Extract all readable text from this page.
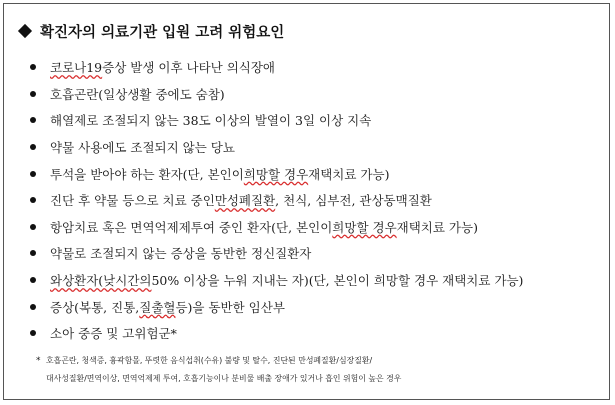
확진자의 의료기관 입원 고려 위험요인
코로나19 증상 발생 이후 나타난 의식장애
호흡곤란(일상생활 중에도 숨참)
해열제로 조절되지 않는 38도 이상의 발열이 3일 이상 지속
약물 사용에도 조절되지 않는 당뇨
투석을 받아야 하는 환자(단, 본인이 희망할 경우 재택치료 가능)
진단 후 약물 등으로 치료 중인 만성폐질환 , 천식, 심부전, 관상동맥질환
항암치료 혹은 면역억제제투여 중인 환자(단, 본인이 희망할 경우 재택치료 가능)
약물로 조절되지 않는 증상을 동반한 정신질환자
와상환자(낮시간의 50% 이상을 누워 지내는 자)(단, 본인이 희망할 경우 재택치료 가능)
증상(복통, 진통, 질출혈 등)을 동반한 임산부
소아 중증 및 고위험군*
* 호흡곤란, 청색증, 흉곽함몰, 뚜렷한 음식섭취(수유) 불량 및 탈수, 진단된 만성폐질환/심장질환/
대사성질환/면역이상, 면역억제제 투여, 호흡기능이나 분비물 배출 장애가 있거나 흡인 위험이 높은 경우
